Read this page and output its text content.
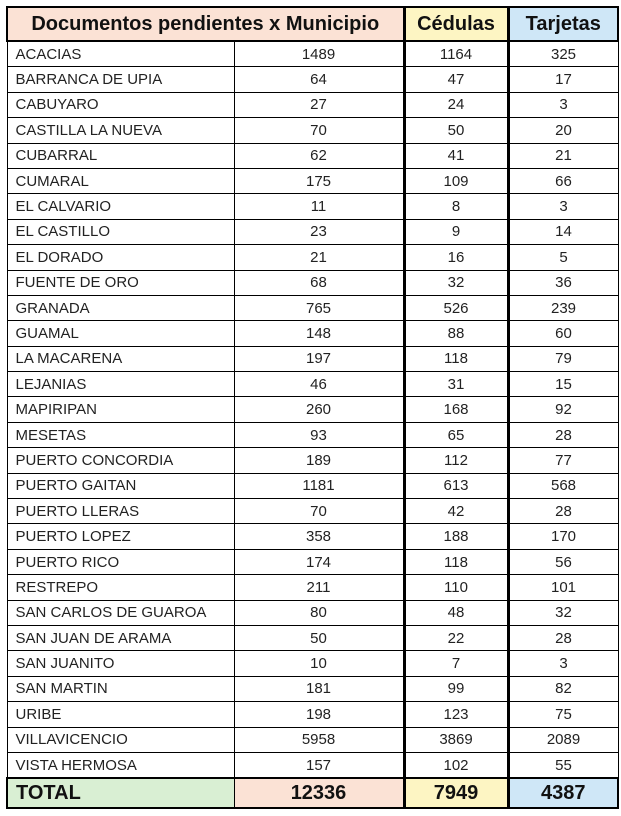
Documentos pendientes x Municipio		Cédulas	Tarjetas
ACACIAS	1489	1164	325
BARRANCA DE UPIA	64	47	17
CABUYARO	27	24	3
CASTILLA LA NUEVA	70	50	20
CUBARRAL	62	41	21
CUMARAL	175	109	66
EL CALVARIO	11	8	3
EL CASTILLO	23	9	14
EL DORADO	21	16	5
FUENTE DE ORO	68	32	36
GRANADA	765	526	239
GUAMAL	148	88	60
LA MACARENA	197	118	79
LEJANIAS	46	31	15
MAPIRIPAN	260	168	92
MESETAS	93	65	28
PUERTO CONCORDIA	189	112	77
PUERTO GAITAN	1181	613	568
PUERTO LLERAS	70	42	28
PUERTO LOPEZ	358	188	170
PUERTO RICO	174	118	56
RESTREPO	211	110	101
SAN CARLOS DE GUAROA	80	48	32
SAN JUAN DE ARAMA	50	22	28
SAN JUANITO	10	7	3
SAN MARTIN	181	99	82
URIBE	198	123	75
VILLAVICENCIO	5958	3869	2089
VISTA HERMOSA	157	102	55
TOTAL	12336	7949	4387
